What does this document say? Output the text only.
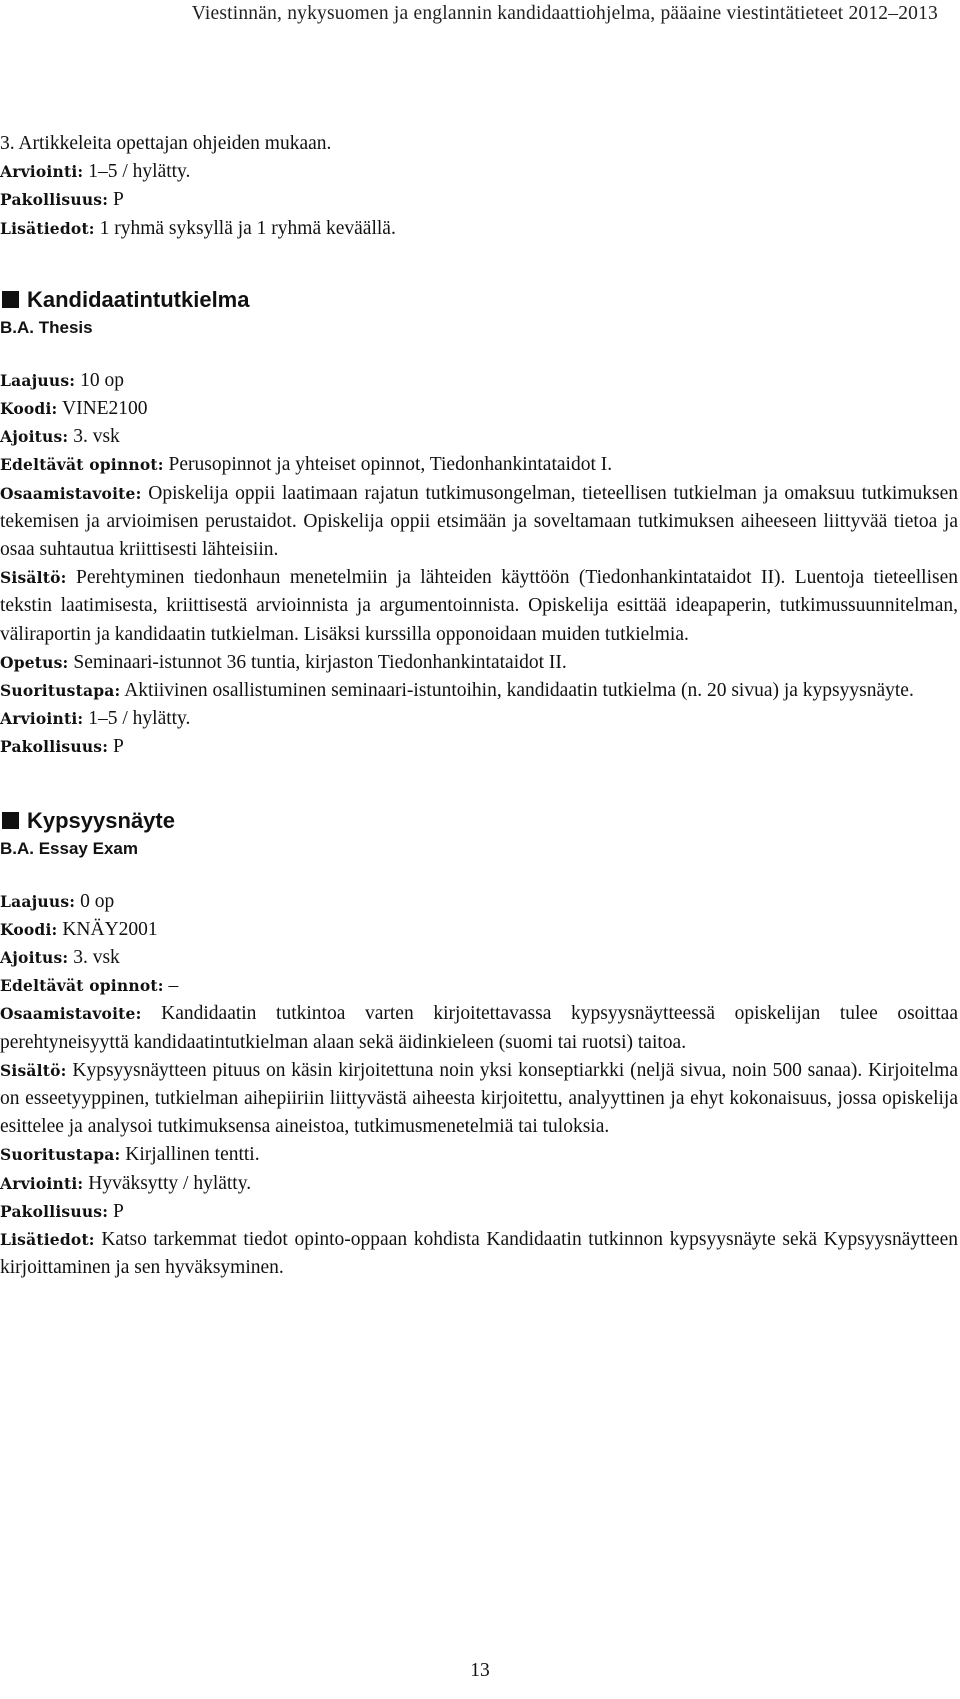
Viestinnän, nykysuomen ja englannin kandidaattiohjelma, pääaine viestintätieteet 2012–2013

3. Artikkeleita opettajan ohjeiden mukaan.

Arviointi: 1–5 / hylätty.

Pakollisuus: P

Lisätiedot: 1 ryhmä syksyllä ja 1 ryhmä keväällä.

Kandidaatintutkielma

B.A. Thesis

Laajuus: 10 op

Koodi: VINE2100

Ajoitus: 3. vsk

Edeltävät opinnot: Perusopinnot ja yhteiset opinnot, Tiedonhankintataidot I.

Osaamistavoite: Opiskelija oppii laatimaan rajatun tutkimusongelman, tieteellisen tutkielman ja omaksuu tutkimuksen tekemisen ja arvioimisen perustaidot. Opiskelija oppii etsimään ja soveltamaan tutkimuksen aiheeseen liittyvää tietoa ja osaa suhtautua kriittisesti lähteisiin.

Sisältö: Perehtyminen tiedonhaun menetelmiin ja lähteiden käyttöön (Tiedonhankintataidot II). Luentoja tieteellisen tekstin laatimisesta, kriittisestä arvioinnista ja argumentoinnista. Opiskelija esittää ideapaperin, tutkimussuunnitelman, väliraportin ja kandidaatin tutkielman. Lisäksi kurssilla opponoidaan muiden tutkielmia.

Opetus: Seminaari-istunnot 36 tuntia, kirjaston Tiedonhankintataidot II.

Suoritustapa: Aktiivinen osallistuminen seminaari-istuntoihin, kandidaatin tutkielma (n. 20 sivua) ja kypsyysnäyte.

Arviointi: 1–5 / hylätty.

Pakollisuus: P

Kypsyysnäyte

B.A. Essay Exam

Laajuus: 0 op

Koodi: KNÄY2001

Ajoitus: 3. vsk

Edeltävät opinnot: –

Osaamistavoite: Kandidaatin tutkintoa varten kirjoitettavassa kypsyysnäytteessä opiskelijan tulee osoittaa perehtyneisyyttä kandidaatintutkielman alaan sekä äidinkieleen (suomi tai ruotsi) taitoa.

Sisältö: Kypsyysnäytteen pituus on käsin kirjoitettuna noin yksi konseptiarkki (neljä sivua, noin 500 sanaa). Kirjoitelma on esseetyyppinen, tutkielman aihepiiriin liittyvästä aiheesta kirjoitettu, analyyttinen ja ehyt kokonaisuus, jossa opiskelija esittelee ja analysoi tutkimuksensa aineistoa, tutkimusmenetelmiä tai tuloksia.

Suoritustapa: Kirjallinen tentti.

Arviointi: Hyväksytty / hylätty.

Pakollisuus: P

Lisätiedot: Katso tarkemmat tiedot opinto-oppaan kohdista Kandidaatin tutkinnon kypsyysnäyte sekä Kypsyysnäytteen kirjoittaminen ja sen hyväksyminen.

13
